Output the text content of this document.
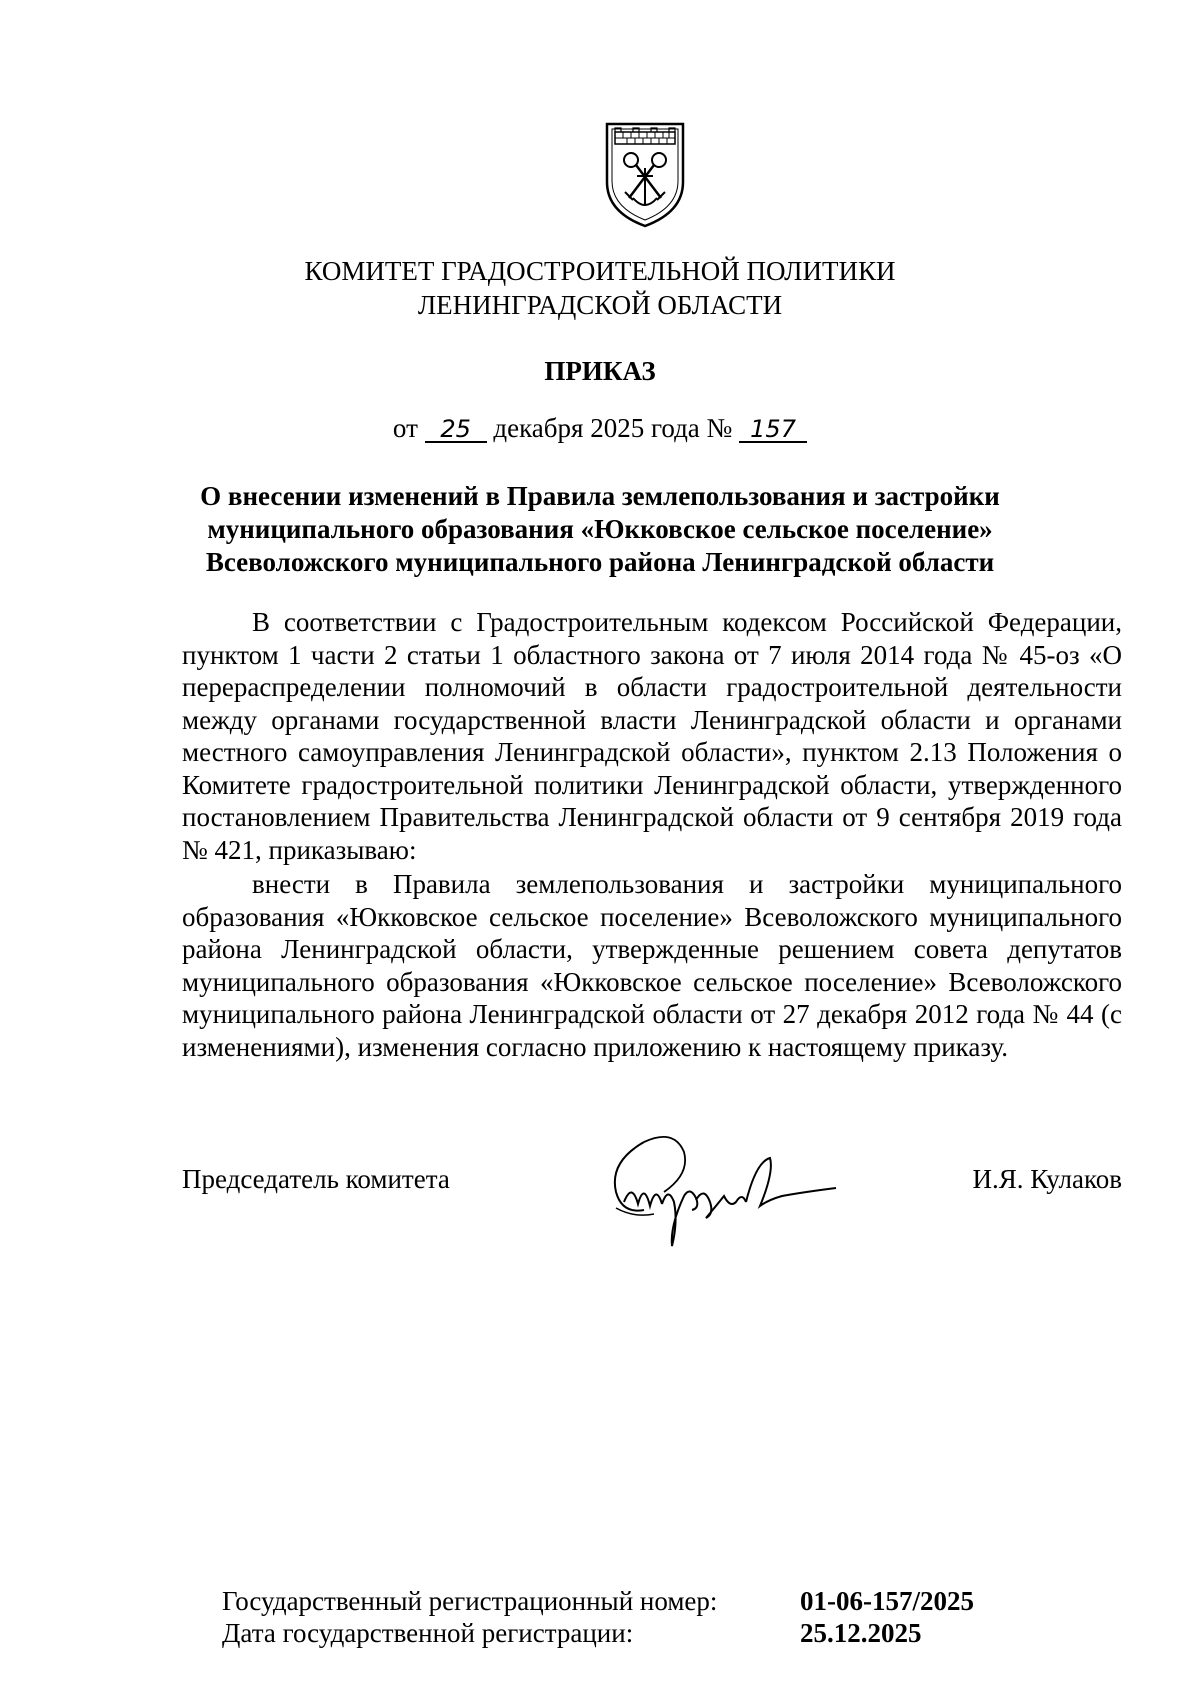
КОМИТЕТ ГРАДОСТРОИТЕЛЬНОЙ ПОЛИТИКИ
ЛЕНИНГРАДСКОЙ ОБЛАСТИ
ПРИКАЗ
от 25 декабря 2025 года № 157
О внесении изменений в Правила землепользования и застройки
муниципального образования «Юкковское сельское поселение»
Всеволожского муниципального района Ленинградской области

В соответствии с Градостроительным кодексом Российской Федерации, пунктом 1 части 2 статьи 1 областного закона от 7 июля 2014 года № 45-оз «О перераспределении полномочий в области градостроительной деятельности между органами государственной власти Ленинградской области и органами местного самоуправления Ленинградской области», пунктом 2.13 Положения о Комитете градостроительной политики Ленинградской области, утвержденного постановлением Правительства Ленинградской области от 9 сентября 2019 года № 421, приказываю:

внести в Правила землепользования и застройки муниципального образования «Юкковское сельское поселение» Всеволожского муниципального района Ленинградской области, утвержденные решением совета депутатов муниципального образования «Юкковское сельское поселение» Всеволожского муниципального района Ленинградской области от 27 декабря 2012 года № 44 (с изменениями), изменения согласно приложению к настоящему приказу.

Председатель комитета	И.Я. Кулаков
Государственный регистрационный номер:	01-06-157/2025
Дата государственной регистрации:	25.12.2025
